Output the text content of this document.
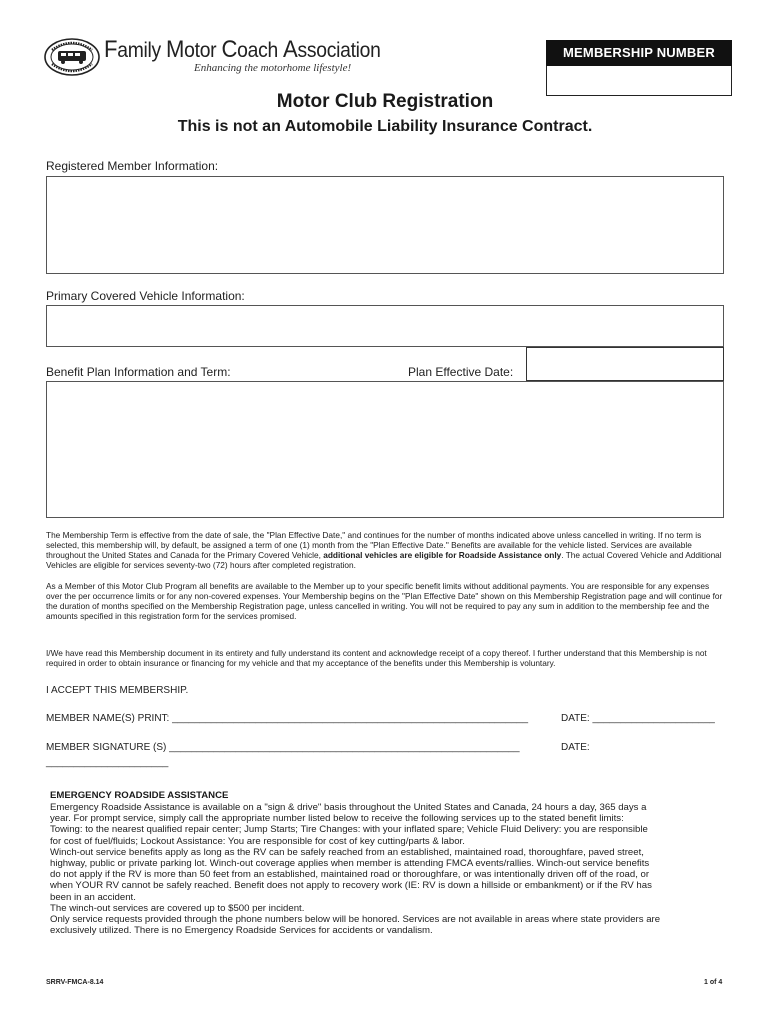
Family Motor Coach Association
Enhancing the motorhome lifestyle!
MEMBERSHIP NUMBER
Motor Club Registration
This is not an Automobile Liability Insurance Contract.
Registered Member Information:
Primary Covered Vehicle Information:
Benefit Plan Information and Term:	Plan Effective Date:
The Membership Term is effective from the date of sale, the "Plan Effective Date," and continues for the number of months indicated above unless cancelled in writing. If no term is selected, this membership will, by default, be assigned a term of one (1) month from the "Plan Effective Date." Benefits are available for the vehicle listed. Services are available throughout the United States and Canada for the Primary Covered Vehicle, additional vehicles are eligible for Roadside Assistance only. The actual Covered Vehicle and Additional Vehicles are eligible for services seventy-two (72) hours after completed registration.
As a Member of this Motor Club Program all benefits are available to the Member up to your specific benefit limits without additional payments. You are responsible for any expenses over the per occurrence limits or for any non-covered expenses. Your Membership begins on the "Plan Effective Date" shown on this Membership Registration page and will continue for the duration of months specified on the Membership Registration page, unless cancelled in writing. You will not be required to pay any sum in addition to the membership fee and the amounts specified in this registration form for the services promised.
I/We have read this Membership document in its entirety and fully understand its content and acknowledge receipt of a copy thereof. I further understand that this Membership is not required in order to obtain insurance or financing for my vehicle and that my acceptance of the benefits under this Membership is voluntary.
I ACCEPT THIS MEMBERSHIP.
MEMBER NAME(S) PRINT: ________________________________________________________________	DATE: ______________________
MEMBER SIGNATURE (S) _______________________________________________________________	DATE:
______________________
EMERGENCY ROADSIDE ASSISTANCE
Emergency Roadside Assistance is available on a "sign & drive" basis throughout the United States and Canada, 24 hours a day, 365 days a
year. For prompt service, simply call the appropriate number listed below to receive the following services up to the stated benefit limits:
Towing: to the nearest qualified repair center; Jump Starts; Tire Changes: with your inflated spare; Vehicle Fluid Delivery: you are responsible
for cost of fuel/fluids; Lockout Assistance: You are responsible for cost of key cutting/parts & labor.
Winch-out service benefits apply as long as the RV can be safely reached from an established, maintained road, thoroughfare, paved street,
highway, public or private parking lot. Winch-out coverage applies when member is attending FMCA events/rallies. Winch-out service benefits
do not apply if the RV is more than 50 feet from an established, maintained road or thoroughfare, or was intentionally driven off of the road, or
when YOUR RV cannot be safely reached. Benefit does not apply to recovery work (IE: RV is down a hillside or embankment) or if the RV has
been in an accident.
The winch-out services are covered up to $500 per incident.
Only service requests provided through the phone numbers below will be honored. Services are not available in areas where state providers are
exclusively utilized. There is no Emergency Roadside Services for accidents or vandalism.
SRRV-FMCA-8.14	1 of 4
